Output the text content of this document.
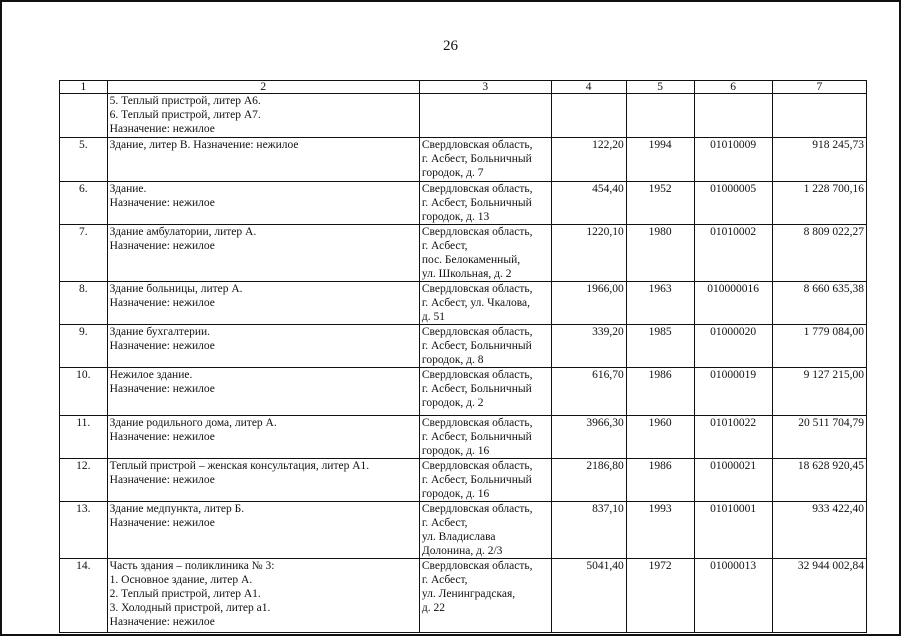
26
1	2	3	4	5	6	7

	5. Теплый пристрой, литер А6.
6. Теплый пристрой, литер А7.
Назначение: нежилое					

5.	Здание, литер В. Назначение: нежилое	Свердловская область,
г. Асбест, Больничный
городок, д. 7	122,20	1994	01010009	918 245,73
6.	Здание.
Назначение: нежилое	Свердловская область,
г. Асбест, Больничный
городок, д. 13	454,40	1952	01000005	1 228 700,16
7.	Здание амбулатории, литер А.
Назначение: нежилое	Свердловская область,
г. Асбест,
пос. Белокаменный,
ул. Школьная, д. 2	1220,10	1980	01010002	8 809 022,27
8.	Здание больницы, литер А.
Назначение: нежилое	Свердловская область,
г. Асбест, ул. Чкалова,
д. 51	1966,00	1963	010000016	8 660 635,38
9.	Здание бухгалтерии.
Назначение: нежилое	Свердловская область,
г. Асбест, Больничный
городок, д. 8	339,20	1985	01000020	1 779 084,00
10.	Нежилое здание.
Назначение: нежилое	Свердловская область,
г. Асбест, Больничный
городок, д. 2	616,70	1986	01000019	9 127 215,00
11.	Здание родильного дома, литер А.
Назначение: нежилое	Свердловская область,
г. Асбест, Больничный
городок, д. 16	3966,30	1960	01010022	20 511 704,79
12.	Теплый пристрой – женская консультация, литер А1.
Назначение: нежилое	Свердловская область,
г. Асбест, Больничный
городок, д. 16	2186,80	1986	01000021	18 628 920,45
13.	Здание медпункта, литер Б.
Назначение: нежилое	Свердловская область,
г. Асбест,
ул. Владислава
Долонина, д. 2/3	837,10	1993	01010001	933 422,40
14.	Часть здания – поликлиника № 3:
1. Основное здание, литер А.
2. Теплый пристрой, литер А1.
3. Холодный пристрой, литер а1.
Назначение: нежилое	Свердловская область,
г. Асбест,
ул. Ленинградская,
д. 22	5041,40	1972	01000013	32 944 002,84
